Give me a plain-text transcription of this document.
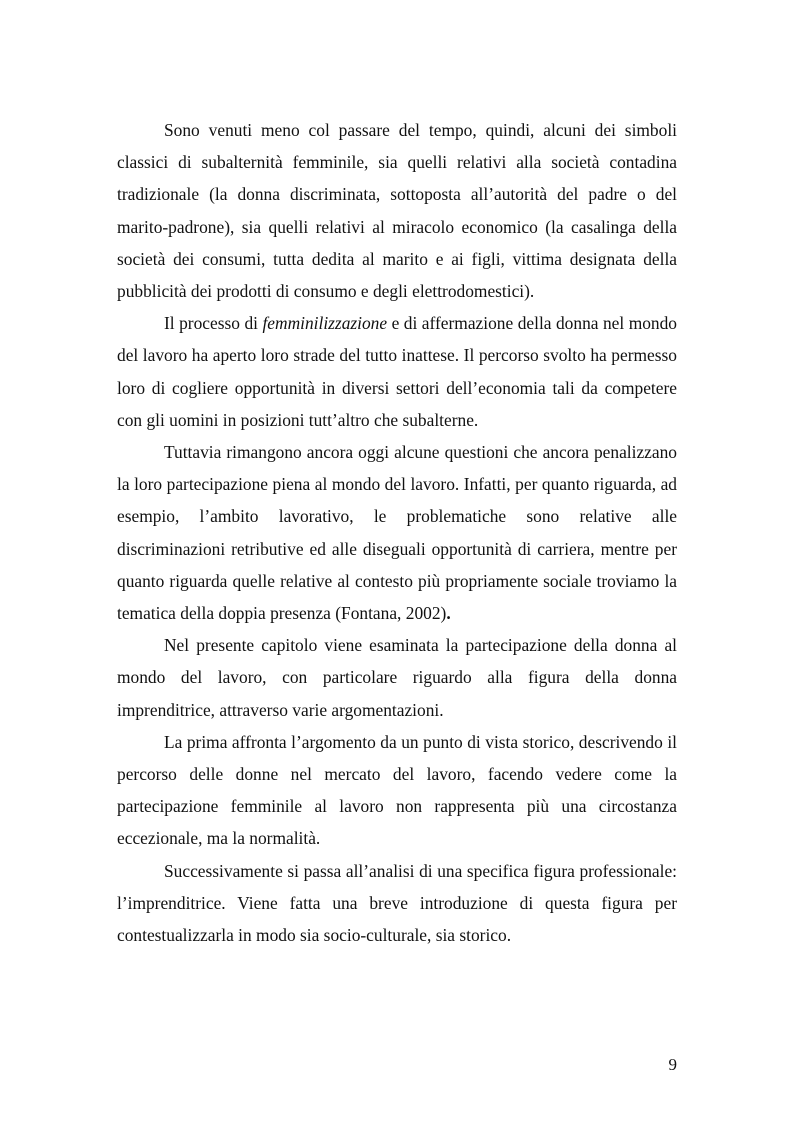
Sono venuti meno col passare del tempo, quindi, alcuni dei simboli classici di subalternità femminile, sia quelli relativi alla società contadina tradizionale (la donna discriminata, sottoposta all’autorità del padre o del marito-padrone), sia quelli relativi al miracolo economico (la casalinga della società dei consumi, tutta dedita al marito e ai figli, vittima designata della pubblicità dei prodotti di consumo e degli elettrodomestici).

Il processo di femminilizzazione e di affermazione della donna nel mondo del lavoro ha aperto loro strade del tutto inattese. Il percorso svolto ha permesso loro di cogliere opportunità in diversi settori dell’economia tali da competere con gli uomini in posizioni tutt’altro che subalterne.

Tuttavia rimangono ancora oggi alcune questioni che ancora penalizzano la loro partecipazione piena al mondo del lavoro. Infatti, per quanto riguarda, ad esempio, l’ambito lavorativo, le problematiche sono relative alle discriminazioni retributive ed alle diseguali opportunità di carriera, mentre per quanto riguarda quelle relative al contesto più propriamente sociale troviamo la tematica della doppia presenza (Fontana, 2002).

Nel presente capitolo viene esaminata la partecipazione della donna al mondo del lavoro, con particolare riguardo alla figura della donna imprenditrice, attraverso varie argomentazioni.

La prima affronta l’argomento da un punto di vista storico, descrivendo il percorso delle donne nel mercato del lavoro, facendo vedere come la partecipazione femminile al lavoro non rappresenta più una circostanza eccezionale, ma la normalità.

Successivamente si passa all’analisi di una specifica figura professionale: l’imprenditrice. Viene fatta una breve introduzione di questa figura per contestualizzarla in modo sia socio-culturale, sia storico.

9
